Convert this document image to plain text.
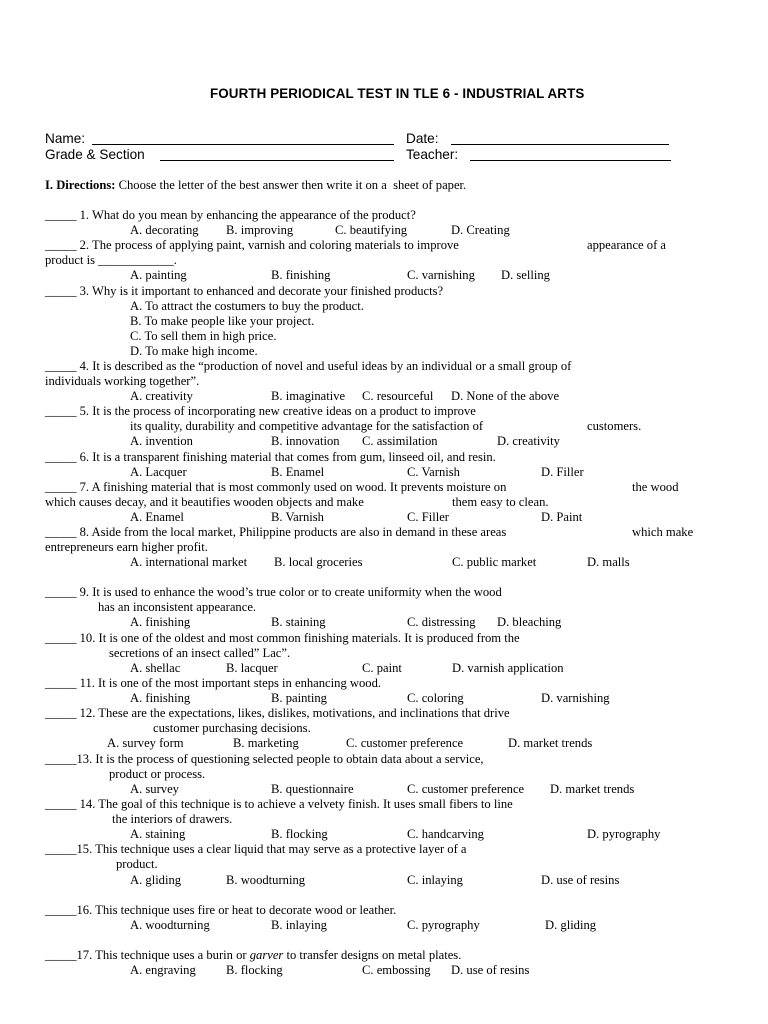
FOURTH PERIODICAL TEST IN TLE 6 - INDUSTRIAL ARTS
Name:	Date:
Grade & Section	Teacher:
I. Directions: Choose the letter of the best answer then write it on a  sheet of paper.
_____ 1. What do you mean by enhancing the appearance of the product?
A. decorating B. improving	C. beautifying	D. Creating
_____ 2. The process of applying paint, varnish and coloring materials to improve	appearance of a
product is ____________.
A. painting	B. finishing	C. varnishing D. selling
_____ 3. Why is it important to enhanced and decorate your finished products?
A. To attract the costumers to buy the product.
B. To make people like your project.
C. To sell them in high price.
D. To make high income.
_____ 4. It is described as the “production of novel and useful ideas by an individual or a small group of
individuals working together”.
A. creativity	B. imaginative C. resourceful D. None of the above
_____ 5. It is the process of incorporating new creative ideas on a product to improve
its quality, durability and competitive advantage for the satisfaction of	customers.
A. invention	B. innovation C. assimilation	D. creativity
_____ 6. It is a transparent finishing material that comes from gum, linseed oil, and resin.
A. Lacquer	B. Enamel	C. Varnish	D. Filler
_____ 7. A finishing material that is most commonly used on wood. It prevents moisture on	the wood
which causes decay, and it beautifies wooden objects and make	them easy to clean.
A. Enamel	B. Varnish	C. Filler	D. Paint
_____ 8. Aside from the local market, Philippine products are also in demand in these areas	which make
entrepreneurs earn higher profit.
A. international market B. local groceries	C. public market	D. malls
_____ 9. It is used to enhance the wood’s true color or to create uniformity when the wood
has an inconsistent appearance.
A. finishing	B. staining	C. distressing D. bleaching
_____ 10. It is one of the oldest and most common finishing materials. It is produced from the
secretions of an insect called” Lac”.
A. shellac	B. lacquer	C. paint	D. varnish application
_____ 11. It is one of the most important steps in enhancing wood.
A. finishing	B. painting	C. coloring	D. varnishing
_____ 12. These are the expectations, likes, dislikes, motivations, and inclinations that drive
customer purchasing decisions.
A. survey form	B. marketing	C. customer preference	D. market trends
_____13. It is the process of questioning selected people to obtain data about a service,
product or process.
A. survey	B. questionnaire	C. customer preference D. market trends
_____ 14. The goal of this technique is to achieve a velvety finish. It uses small fibers to line
the interiors of drawers.
A. staining	B. flocking	C. handcarving	D. pyrography
_____15. This technique uses a clear liquid that may serve as a protective layer of a
product.
A. gliding	B. woodturning	C. inlaying	D. use of resins
_____16. This technique uses fire or heat to decorate wood or leather.
A. woodturning	B. inlaying	C. pyrography	D. gliding
_____17. This technique uses a burin or garver to transfer designs on metal plates.
A. engraving B. flocking	C. embossing D. use of resins
